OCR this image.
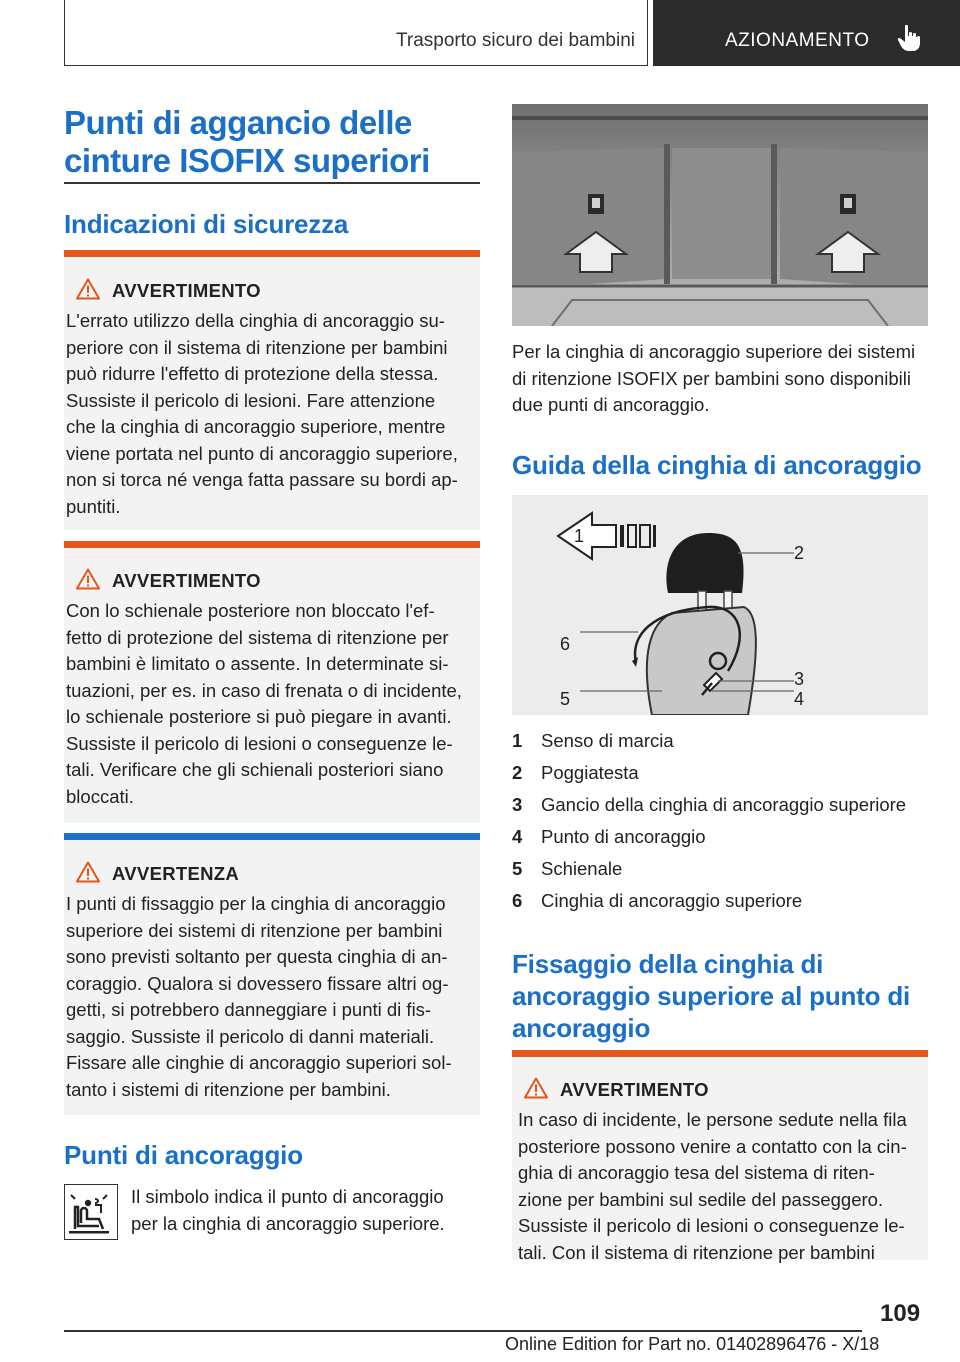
Trasporto sicuro dei bambini	AZIONAMENTO
Punti di aggancio delle
cinture ISOFIX superiori
Indicazioni di sicurezza
AVVERTIMENTO
L'errato utilizzo della cinghia di ancoraggio su-
periore con il sistema di ritenzione per bambini
può ridurre l'effetto di protezione della stessa.
Sussiste il pericolo di lesioni. Fare attenzione
che la cinghia di ancoraggio superiore, mentre
viene portata nel punto di ancoraggio superiore,
non si torca né venga fatta passare su bordi ap-
puntiti.
AVVERTIMENTO
Con lo schienale posteriore non bloccato l'ef-
fetto di protezione del sistema di ritenzione per
bambini è limitato o assente. In determinate si-
tuazioni, per es. in caso di frenata o di incidente,
lo schienale posteriore si può piegare in avanti.
Sussiste il pericolo di lesioni o conseguenze le-
tali. Verificare che gli schienali posteriori siano
bloccati.
AVVERTENZA
I punti di fissaggio per la cinghia di ancoraggio
superiore dei sistemi di ritenzione per bambini
sono previsti soltanto per questa cinghia di an-
coraggio. Qualora si dovessero fissare altri og-
getti, si potrebbero danneggiare i punti di fis-
saggio. Sussiste il pericolo di danni materiali.
Fissare alle cinghie di ancoraggio superiori sol-
tanto i sistemi di ritenzione per bambini.
Punti di ancoraggio
Il simbolo indica il punto di ancoraggio
per la cinghia di ancoraggio superiore.
Per la cinghia di ancoraggio superiore dei sistemi
di ritenzione ISOFIX per bambini sono disponibili
due punti di ancoraggio.
Guida della cinghia di ancoraggio
1
2
3
4
5
6
1 Senso di marcia
2 Poggiatesta
3 Gancio della cinghia di ancoraggio superiore
4 Punto di ancoraggio
5 Schienale
6 Cinghia di ancoraggio superiore
Fissaggio della cinghia di
ancoraggio superiore al punto di
ancoraggio
AVVERTIMENTO
In caso di incidente, le persone sedute nella fila
posteriore possono venire a contatto con la cin-
ghia di ancoraggio tesa del sistema di riten-
zione per bambini sul sedile del passeggero.
Sussiste il pericolo di lesioni o conseguenze le-
tali. Con il sistema di ritenzione per bambini
109
Online Edition for Part no. 01402896476 - X/18
